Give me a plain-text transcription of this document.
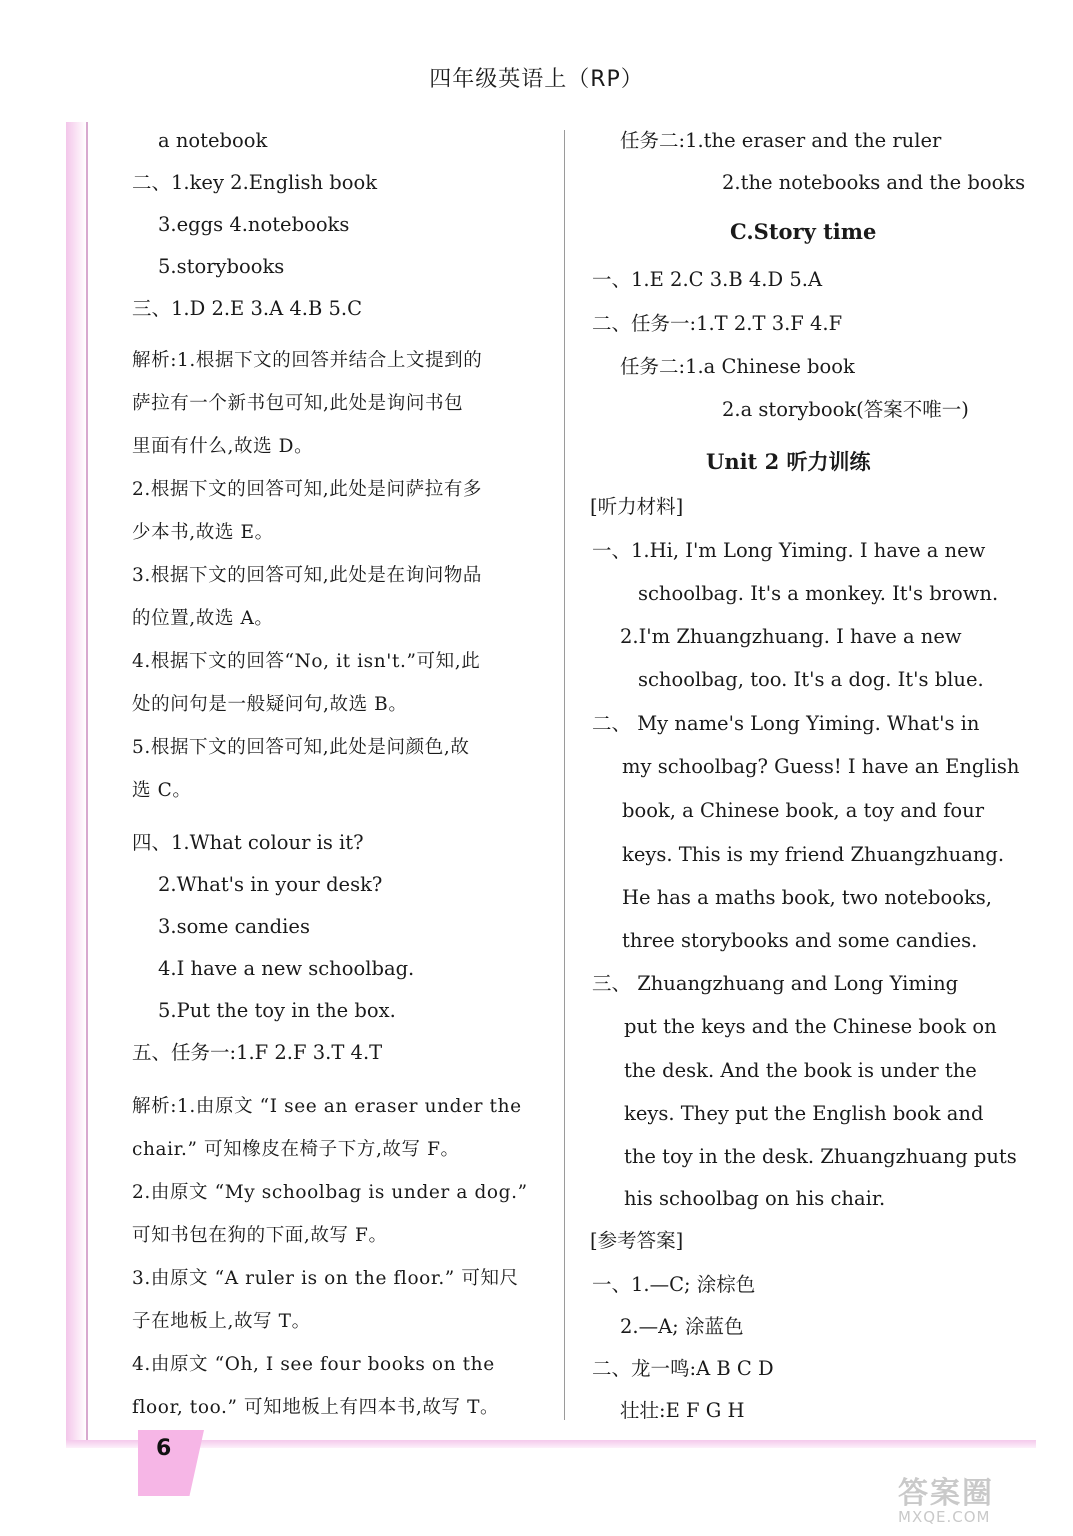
四年级英语上（RP）
a notebook
二、1.key 2.English book
3.eggs 4.notebooks
5.storybooks
三、1.D 2.E 3.A 4.B 5.C
解析:1.根据下文的回答并结合上文提到的
萨拉有一个新书包可知,此处是询问书包
里面有什么,故选 D。
2.根据下文的回答可知,此处是问萨拉有多
少本书,故选 E。
3.根据下文的回答可知,此处是在询问物品
的位置,故选 A。
4.根据下文的回答“No, it isn't.”可知,此
处的问句是一般疑问句,故选 B。
5.根据下文的回答可知,此处是问颜色,故
选 C。
四、1.What colour is it?
2.What's in your desk?
3.some candies
4.I have a new schoolbag.
5.Put the toy in the box.
五、任务一:1.F 2.F 3.T 4.T
解析:1.由原文 “I see an eraser under the
chair.” 可知橡皮在椅子下方,故写 F。
2.由原文 “My schoolbag is under a dog.”
可知书包在狗的下面,故写 F。
3.由原文 “A ruler is on the floor.” 可知尺
子在地板上,故写 T。
4.由原文 “Oh, I see four books on the
floor, too.” 可知地板上有四本书,故写 T。
任务二:1.the eraser and the ruler
2.the notebooks and the books
C.Story time
一、1.E 2.C 3.B 4.D 5.A
二、任务一:1.T 2.T 3.F 4.F
任务二:1.a Chinese book
2.a storybook(答案不唯一)
Unit 2 听力训练
[听力材料]
一、1.Hi, I'm Long Yiming. I have a new
schoolbag. It's a monkey. It's brown.
2.I'm Zhuangzhuang. I have a new
schoolbag, too. It's a dog. It's blue.
二、 My name's Long Yiming. What's in
my schoolbag? Guess! I have an English
book, a Chinese book, a toy and four
keys. This is my friend Zhuangzhuang.
He has a maths book, two notebooks,
three storybooks and some candies.
三、 Zhuangzhuang and Long Yiming
put the keys and the Chinese book on
the desk. And the book is under the
keys. They put the English book and
the toy in the desk. Zhuangzhuang puts
his schoolbag on his chair.
[参考答案]
一、1.—C; 涂棕色
2.—A; 涂蓝色
二、龙一鸣:A B C D
壮壮:E F G H
6
答案圈
MXQE.COM
